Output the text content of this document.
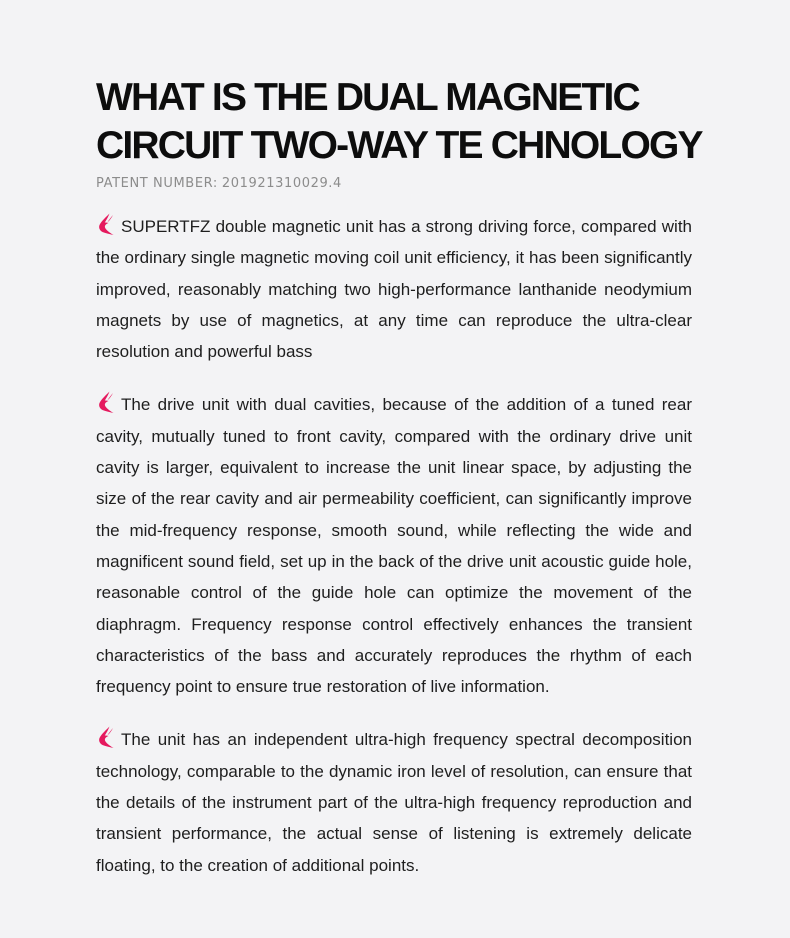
WHAT IS THE DUAL MAGNETIC
CIRCUIT TWO-WAY TE CHNOLOGY
PATENT NUMBER: 201921310029.4

SUPERTFZ double magnetic unit has a strong driving force, compared with the ordinary single magnetic moving coil unit efficiency, it has been significantly improved, reasonably matching two high-performance lanthanide neodymium magnets by use of magnetics, at any time can reproduce the ultra-clear resolution and powerful bass

The drive unit with dual cavities, because of the addition of a tuned rear cavity, mutually tuned to front cavity, compared with the ordinary drive unit cavity is larger, equivalent to increase the unit linear space, by adjusting the size of the rear cavity and air permeability coefficient, can significantly improve the mid-frequency response, smooth sound, while reflecting the wide and magnificent sound field, set up in the back of the drive unit acoustic guide hole, reasonable control of the guide hole can optimize the movement of the diaphragm. Frequency response control effectively enhances the transient characteristics of the bass and accurately reproduces the rhythm of each frequency point to ensure true restoration of live information.

The unit has an independent ultra-high frequency spectral decomposition technology, comparable to the dynamic iron level of resolution, can ensure that the details of the instrument part of the ultra-high frequency reproduction and transient performance, the actual sense of listening is extremely delicate floating, to the creation of additional points.
